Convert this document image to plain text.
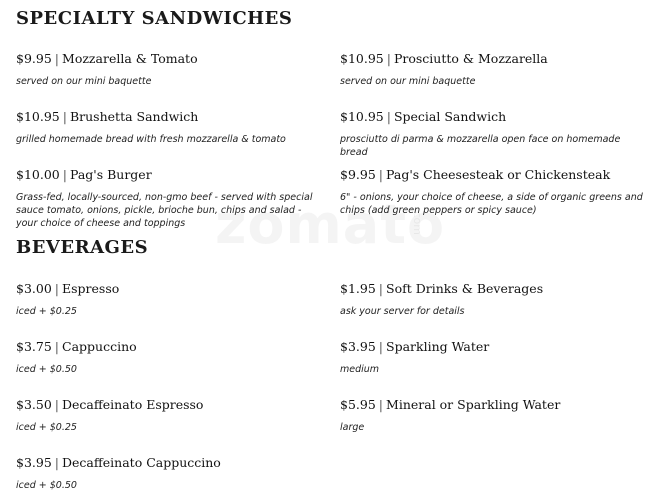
.com
SPECIALTY SANDWICHES
$9.95 | Mozzarella & Tomato
served on our mini baquette
$10.95 | Prosciutto & Mozzarella
served on our mini baquette
$10.95 | Brushetta Sandwich
grilled homemade bread with fresh mozzarella & tomato
$10.95 | Special Sandwich
prosciutto di parma & mozzarella open face on homemade bread
$10.00 | Pag's Burger
Grass-fed, locally-sourced, non-gmo beef - served with special sauce tomato, onions, pickle, brioche bun, chips and salad - your choice of cheese and toppings
$9.95 | Pag's Cheesesteak or Chickensteak
6" - onions, your choice of cheese, a side of organic greens and chips (add green peppers or spicy sauce)
BEVERAGES
$3.00 | Espresso
iced + $0.25
$1.95 | Soft Drinks & Beverages
ask your server for details
$3.75 | Cappuccino
iced + $0.50
$3.95 | Sparkling Water
medium
$3.50 | Decaffeinato Espresso
iced + $0.25
$5.95 | Mineral or Sparkling Water
large
$3.95 | Decaffeinato Cappuccino
iced + $0.50
